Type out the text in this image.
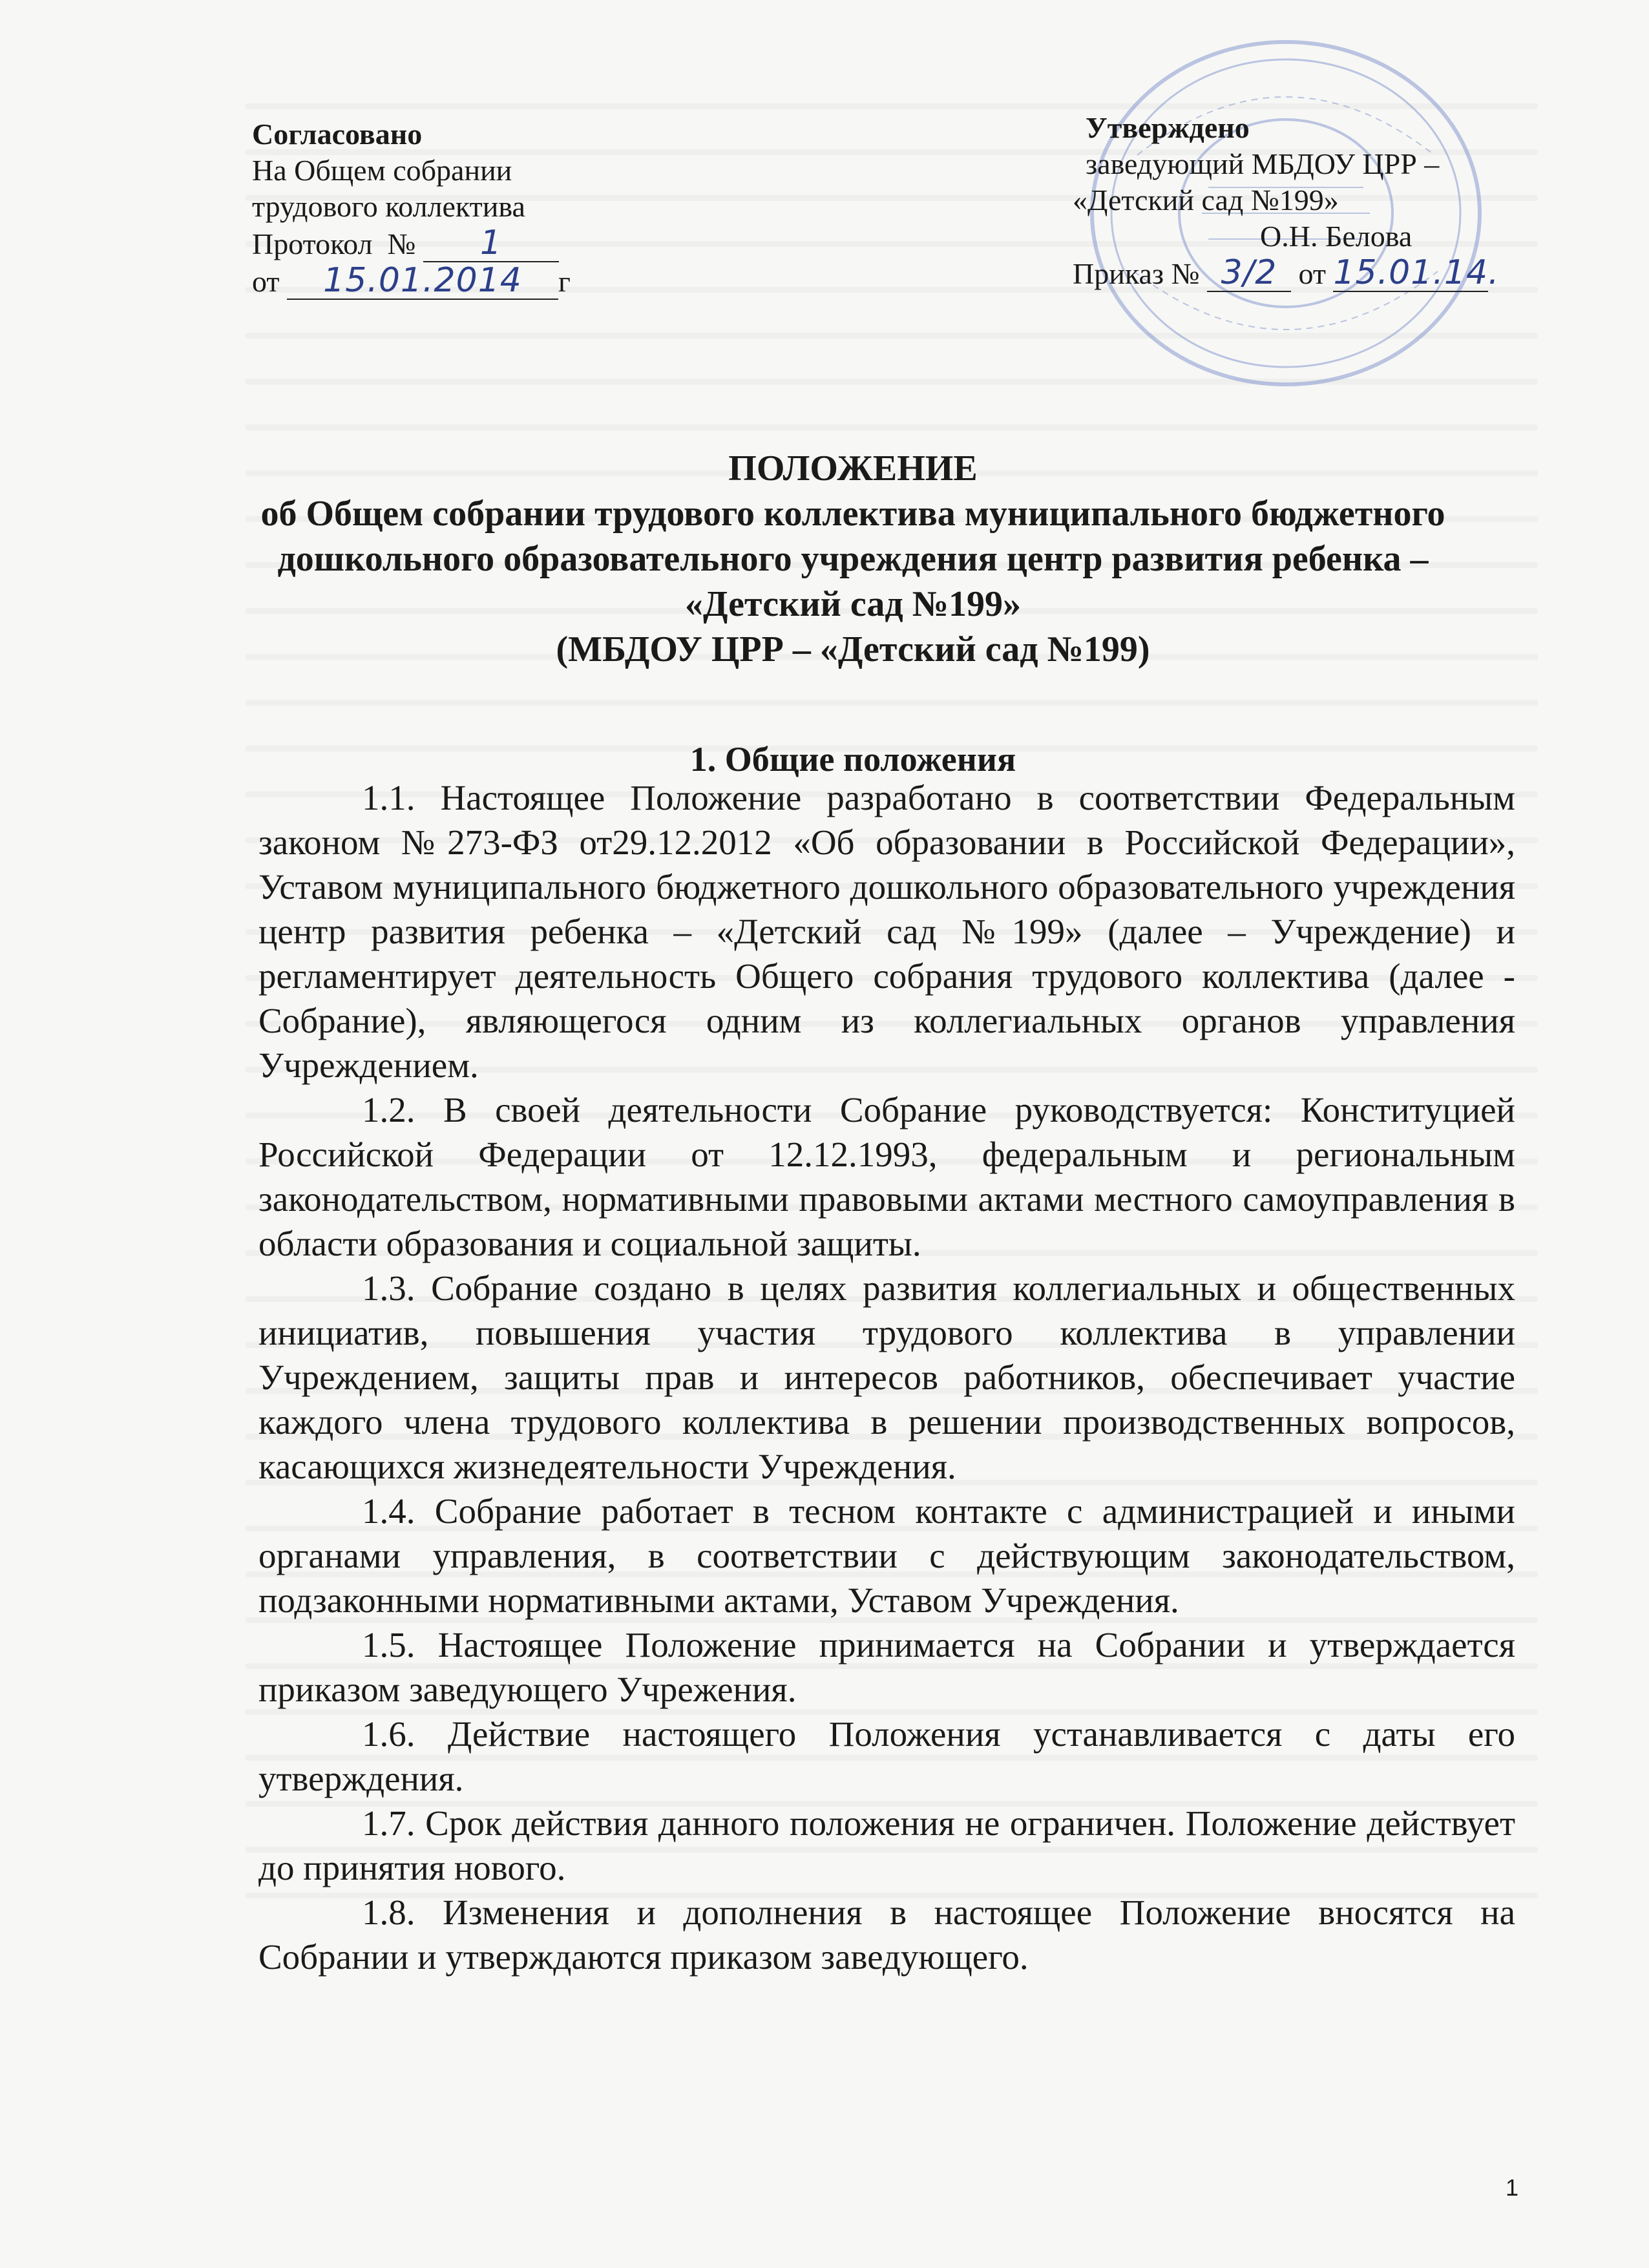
Согласовано
На Общем собрании
трудового коллектива
Протокол № 1
от 15.01.2014 г
Утверждено
заведующий МБДОУ ЦРР –
«Детский сад №199»
О.Н. Белова
Приказ № 3/2 от 15.01.14.
ПОЛОЖЕНИЕ
об Общем собрании трудового коллектива муниципального бюджетного
дошкольного образовательного учреждения центр развития ребенка –
«Детский сад №199»
(МБДОУ ЦРР – «Детский сад №199)
1. Общие положения

1.1. Настоящее Положение разработано в соответствии Федеральным законом №273-ФЗ от29.12.2012 «Об образовании в Российской Федерации», Уставом муниципального бюджетного дошкольного образовательного учреждения центр развития ребенка – «Детский сад №199» (далее – Учреждение) и регламентирует деятельность Общего собрания трудового коллектива (далее - Собрание), являющегося одним из коллегиальных органов управления Учреждением.

1.2. В своей деятельности Собрание руководствуется: Конституцией Российской Федерации от 12.12.1993, федеральным и региональным законодательством, нормативными правовыми актами местного самоуправления в области образования и социальной защиты.

1.3. Собрание создано в целях развития коллегиальных и общественных инициатив, повышения участия трудового коллектива в управлении Учреждением, защиты прав и интересов работников, обеспечивает участие каждого члена трудового коллектива в решении производственных вопросов, касающихся жизнедеятельности Учреждения.

1.4. Собрание работает в тесном контакте с администрацией и иными органами управления, в соответствии с действующим законодательством, подзаконными нормативными актами, Уставом Учреждения.

1.5. Настоящее Положение принимается на Собрании и утверждается приказом заведующего Учрежения.

1.6. Действие настоящего Положения устанавливается с даты его утверждения.

1.7. Срок действия данного положения не ограничен. Положение действует до принятия нового.

1.8. Изменения и дополнения в настоящее Положение вносятся на Собрании и утверждаются приказом заведующего.

1
